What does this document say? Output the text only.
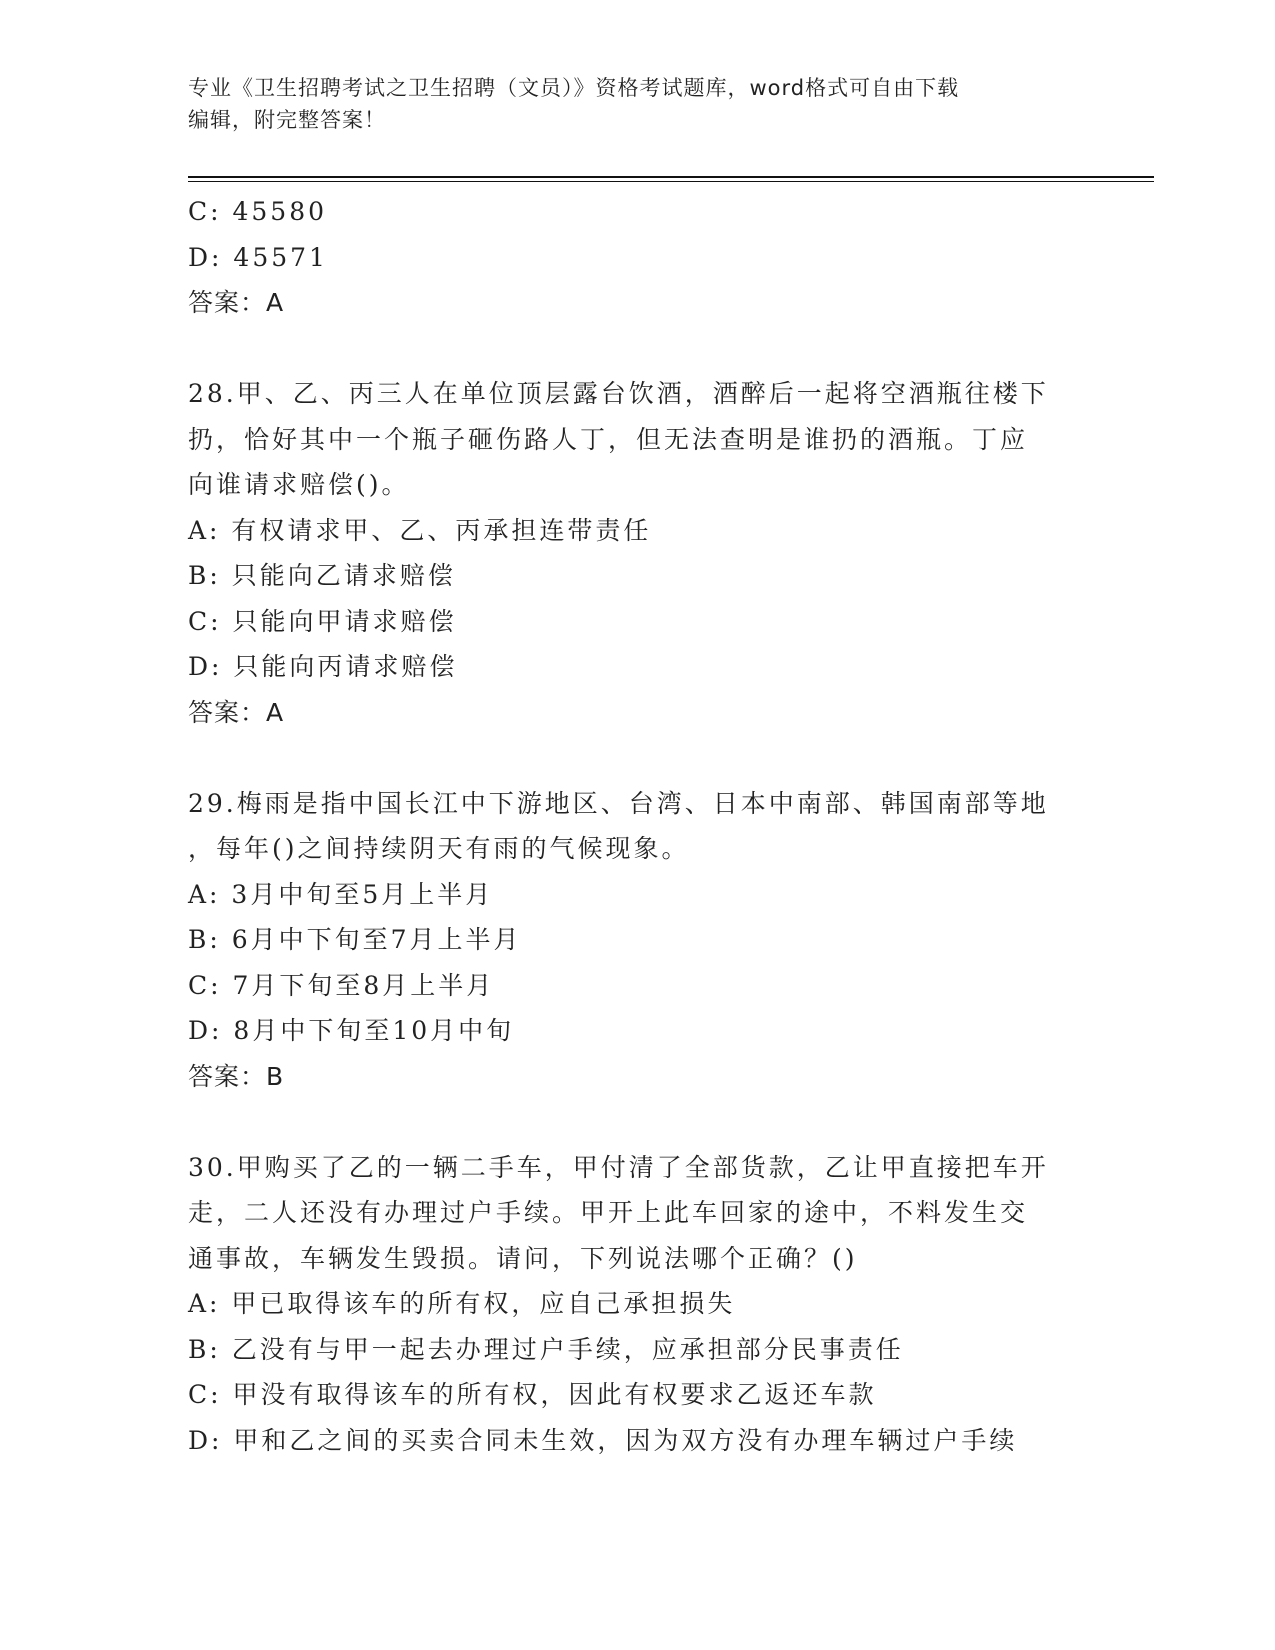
专业《卫生招聘考试之卫生招聘（文员）》资格考试题库，word格式可自由下载
编辑，附完整答案！
C: 45580
D: 45571
答案：A
28.甲、乙、丙三人在单位顶层露台饮酒，酒醉后一起将空酒瓶往楼下
扔，恰好其中一个瓶子砸伤路人丁，但无法查明是谁扔的酒瓶。丁应
向谁请求赔偿()。
A: 有权请求甲、乙、丙承担连带责任
B: 只能向乙请求赔偿
C: 只能向甲请求赔偿
D: 只能向丙请求赔偿
答案：A
29.梅雨是指中国长江中下游地区、台湾、日本中南部、韩国南部等地
，每年()之间持续阴天有雨的气候现象。
A: 3月中旬至5月上半月
B: 6月中下旬至7月上半月
C: 7月下旬至8月上半月
D: 8月中下旬至10月中旬
答案：B
30.甲购买了乙的一辆二手车，甲付清了全部货款，乙让甲直接把车开
走，二人还没有办理过户手续。甲开上此车回家的途中，不料发生交
通事故，车辆发生毁损。请问，下列说法哪个正确？()
A: 甲已取得该车的所有权，应自己承担损失
B: 乙没有与甲一起去办理过户手续，应承担部分民事责任
C: 甲没有取得该车的所有权，因此有权要求乙返还车款
D: 甲和乙之间的买卖合同未生效，因为双方没有办理车辆过户手续
